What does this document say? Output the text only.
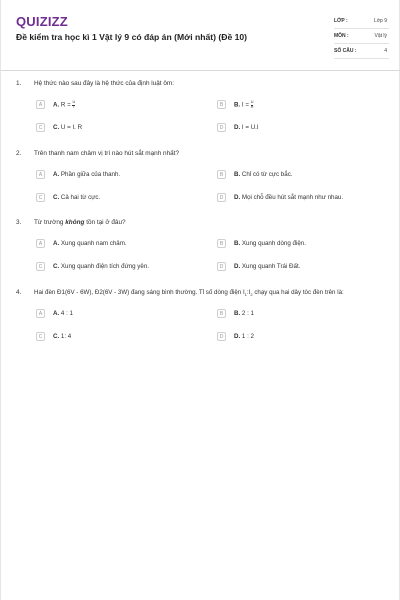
QUIZIZZ
Đề kiểm tra học kì 1 Vật lý 9 có đáp án (Mới nhất) (Đề 10)
LỚP :	Lớp 9
MÔN :	Vật lý
SỐ CÂU :	4
1. Hệ thức nào sau đây là hệ thức của định luật ôm:
A	A. $R = \frac{U}{I}$	B	B. $I = \frac{U}{R}$
C	C. U = I. R	D	D. I = U.I
2. Trên thanh nam châm vị trí nào hút sắt mạnh nhất?
A	A. Phần giữa của thanh.	B	B. Chỉ có từ cực bắc.
C	C. Cả hai từ cực.	D	D. Mọi chỗ đều hút sắt mạnh như nhau.
3. Từ trường không tồn tại ở đâu?
A	A. Xung quanh nam châm.	B	B. Xung quanh dòng điện.
C	C. Xung quanh điện tích đứng yên.	D	D. Xung quanh Trái Đất.
4. Hai đèn Đ1(6V - 6W), Đ2(6V - 3W) đang sáng bình thường. Tỉ số dòng điện $I_1:I_2$ chạy qua hai dây tóc đèn trên là:
A	A. 4 : 1	B	B. 2 : 1
C	C. 1: 4	D	D. 1 : 2
